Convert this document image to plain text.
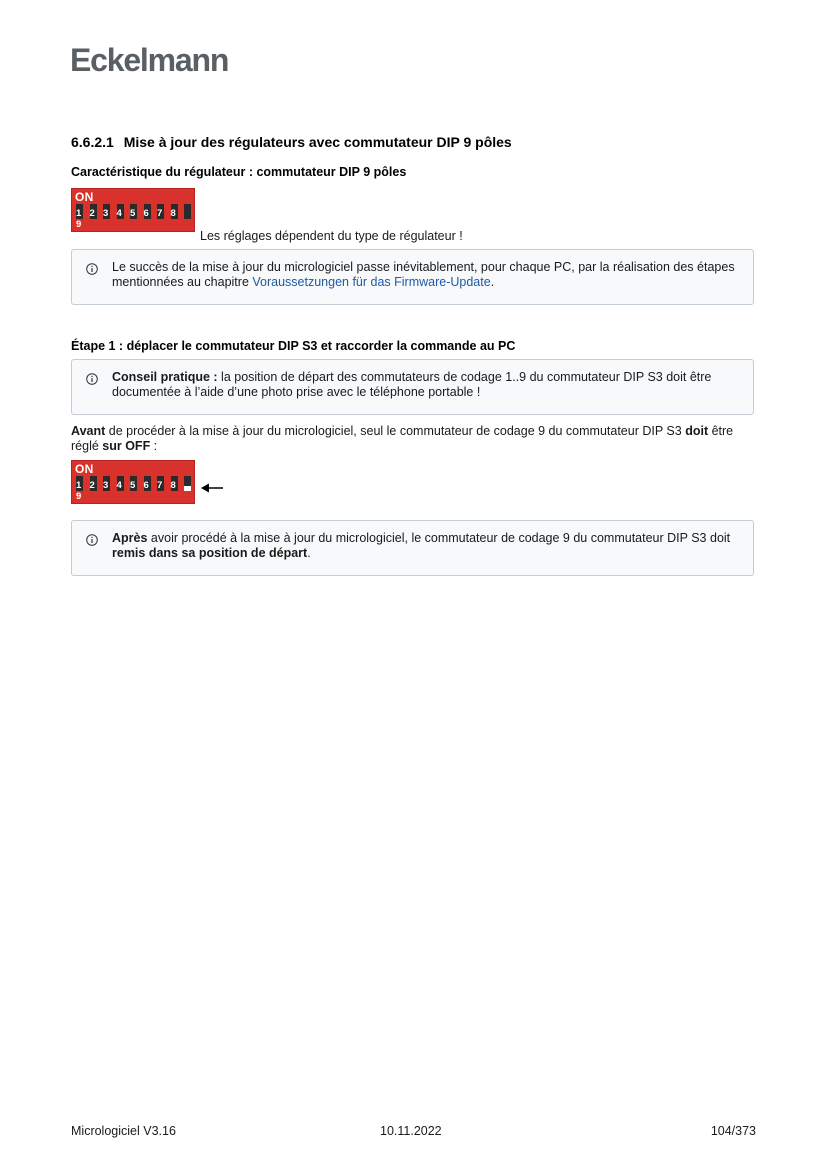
Eckelmann
6.6.2.1 Mise à jour des régulateurs avec commutateur DIP 9 pôles
Caractéristique du régulateur : commutateur DIP 9 pôles
ON
1 2 3 4 5 6 7 89
Les réglages dépendent du type de régulateur !
Le succès de la mise à jour du micrologiciel passe inévitablement, pour chaque PC, par la réalisation des étapes mentionnées au chapitre Voraussetzungen für das Firmware-Update.
Étape 1 : déplacer le commutateur DIP S3 et raccorder la commande au PC
Conseil pratique : la position de départ des commutateurs de codage 1..9 du commutateur DIP S3 doit être documentée à l’aide d’une photo prise avec le téléphone portable !
Avant de procéder à la mise à jour du micrologiciel, seul le commutateur de codage 9 du commutateur DIP S3 doit être réglé sur OFF :
ON
1 2 3 4 5 6 7 89
Après avoir procédé à la mise à jour du micrologiciel, le commutateur de codage 9 du commutateur DIP S3 doit remis dans sa position de départ.
Micrologiciel V3.16	10.11.2022	104/373
